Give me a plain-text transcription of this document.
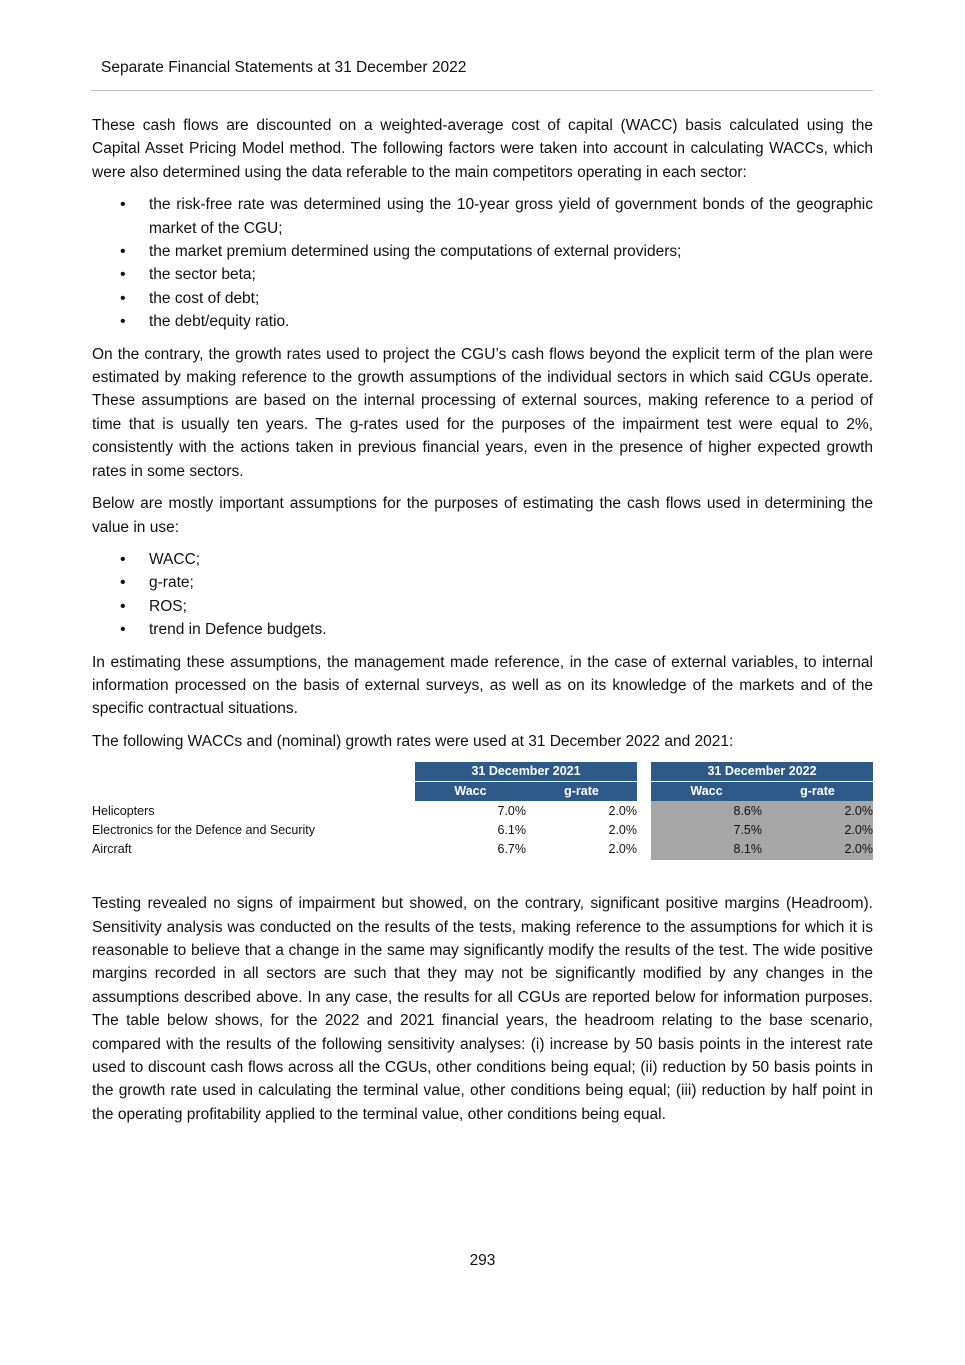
Separate Financial Statements at 31 December 2022

These cash flows are discounted on a weighted-average cost of capital (WACC) basis calculated using the Capital Asset Pricing Model method. The following factors were taken into account in calculating WACCs, which were also determined using the data referable to the main competitors operating in each sector:

• the risk-free rate was determined using the 10-year gross yield of government bonds of the geographic market of the CGU;
• the market premium determined using the computations of external providers;
• the sector beta;
• the cost of debt;
• the debt/equity ratio.

On the contrary, the growth rates used to project the CGU’s cash flows beyond the explicit term of the plan were estimated by making reference to the growth assumptions of the individual sectors in which said CGUs operate. These assumptions are based on the internal processing of external sources, making reference to a period of time that is usually ten years. The g-rates used for the purposes of the impairment test were equal to 2%, consistently with the actions taken in previous financial years, even in the presence of higher expected growth rates in some sectors.

Below are mostly important assumptions for the purposes of estimating the cash flows used in determining the value in use:

• WACC;
• g-rate;
• ROS;
• trend in Defence budgets.

In estimating these assumptions, the management made reference, in the case of external variables, to internal information processed on the basis of external surveys, as well as on its knowledge of the markets and of the specific contractual situations.

The following WACCs and (nominal) growth rates were used at 31 December 2022 and 2021:

31 December 2021	31 December 2022
Wacc	g-rate	Wacc	g-rate
Helicopters	7.0%	2.0%	8.6%	2.0%
Electronics for the Defence and Security	6.1%	2.0%	7.5%	2.0%
Aircraft	6.7%	2.0%	8.1%	2.0%

Testing revealed no signs of impairment but showed, on the contrary, significant positive margins (Headroom). Sensitivity analysis was conducted on the results of the tests, making reference to the assumptions for which it is reasonable to believe that a change in the same may significantly modify the results of the test. The wide positive margins recorded in all sectors are such that they may not be significantly modified by any changes in the assumptions described above. In any case, the results for all CGUs are reported below for information purposes. The table below shows, for the 2022 and 2021 financial years, the headroom relating to the base scenario, compared with the results of the following sensitivity analyses: (i) increase by 50 basis points in the interest rate used to discount cash flows across all the CGUs, other conditions being equal; (ii) reduction by 50 basis points in the growth rate used in calculating the terminal value, other conditions being equal; (iii) reduction by half point in the operating profitability applied to the terminal value, other conditions being equal.

293
